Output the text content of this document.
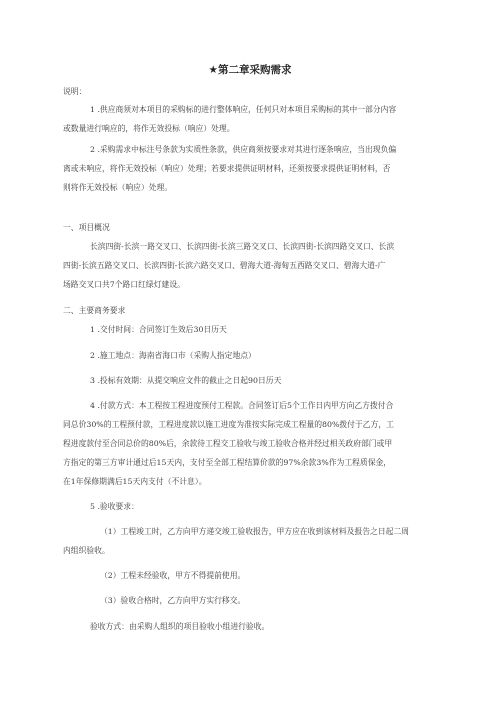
★第二章采购需求
说明：
1 .供应商须对本项目的采购标的进行整体响应，任何只对本项目采购标的其中一部分内容
或数量进行响应的，将作无效投标（响应）处理。
2 .采购需求中标注号条款为实质性条款，供应商须按要求对其进行逐条响应，当出现负偏
离或未响应，将作无效投标（响应）处理；若要求提供证明材料，还须按要求提供证明材料，否
则将作无效投标（响应）处理。
一、项目概况
长滨四街-长滨一路交叉口、长滨四街-长滨三路交叉口、长滨四街-长滨四路交叉口、长滨
四街-长滨五路交叉口、长滨四街-长滨六路交叉口、碧海大道-海甸五西路交叉口、碧海大道-广
场路交叉口共7个路口红绿灯建设。
二、主要商务要求
1 .交付时间：合同签订生效后30日历天
2 .施工地点：海南省海口市（采购人指定地点）
3 .投标有效期：从提交响应文件的截止之日起90日历天
4 .付款方式：本工程按工程进度预付工程款。合同签订后5个工作日内甲方向乙方拨付合
同总价30%的工程预付款，工程进度款以施工进度为准按实际完成工程量的80%拨付于乙方，工
程进度款付至合同总价的80%后，余款待工程交工验收与竣工验收合格并经过相关政府部门或甲
方指定的第三方审计通过后15天内，支付至全部工程结算价款的97%余款3%作为工程质保金，
在1年保修期满后15天内支付（不计息）。
5 .验收要求：
（1）工程竣工时，乙方向甲方递交竣工验收报告，甲方应在收到该材料及报告之日起二周
内组织验收。
（2）工程未经验收，甲方不得提前使用。
（3）验收合格时，乙方向甲方实行移交。
验收方式：由采购人组织的项目验收小组进行验收。
